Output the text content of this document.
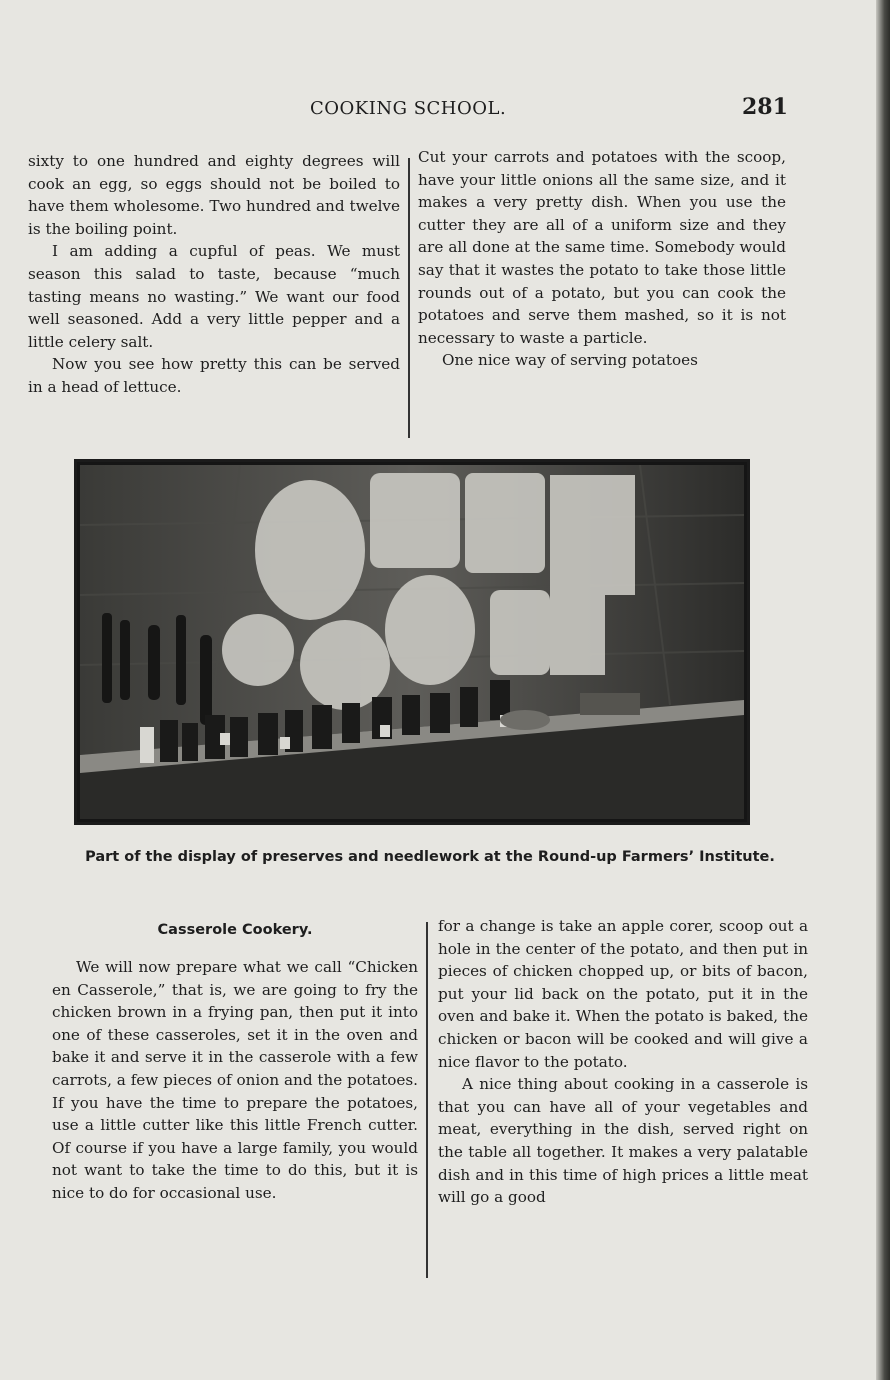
COOKING SCHOOL.	281

sixty to one hundred and eighty degrees will cook an egg, so eggs should not be boiled to have them wholesome. Two hundred and twelve is the boiling point.

I am adding a cupful of peas. We must season this salad to taste, because “much tasting means no wasting.” We want our food well seasoned. Add a very little pepper and a little celery salt.

Now you see how pretty this can be served in a head of lettuce.

Cut your carrots and potatoes with the scoop, have your little onions all the same size, and it makes a very pretty dish. When you use the cutter they are all of a uniform size and they are all done at the same time. Somebody would say that it wastes the potato to take those little rounds out of a potato, but you can cook the potatoes and serve them mashed, so it is not necessary to waste a particle.

One nice way of serving potatoes

Part of the display of preserves and needlework at the Round-up Farmers’ Institute.
Casserole Cookery.

We will now prepare what we call “Chicken en Casserole,” that is, we are going to fry the chicken brown in a frying pan, then put it into one of these casseroles, set it in the oven and bake it and serve it in the casserole with a few carrots, a few pieces of onion and the potatoes. If you have the time to prepare the potatoes, use a little cutter like this little French cutter. Of course if you have a large family, you would not want to take the time to do this, but it is nice to do for occasional use.

for a change is take an apple corer, scoop out a hole in the center of the potato, and then put in pieces of chicken chopped up, or bits of bacon, put your lid back on the potato, put it in the oven and bake it. When the potato is baked, the chicken or bacon will be cooked and will give a nice flavor to the potato.

A nice thing about cooking in a casserole is that you can have all of your vegetables and meat, everything in the dish, served right on the table all together. It makes a very palatable dish and in this time of high prices a little meat will go a good
